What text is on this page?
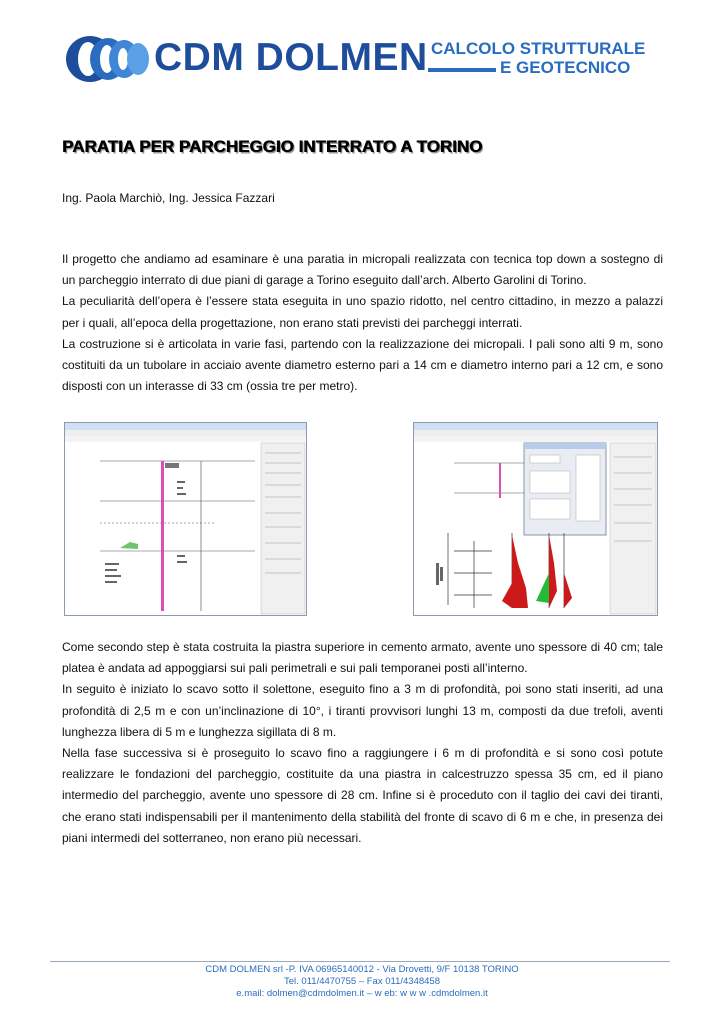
CDM DOLMEN CALCOLO STRUTTURALE
E GEOTECNICO
PARATIA PER PARCHEGGIO INTERRATO A TORINO
Ing. Paola Marchiò, Ing. Jessica Fazzari

Il progetto che andiamo ad esaminare è una paratia in micropali realizzata con tecnica top down a sostegno di un parcheggio interrato di due piani di garage a Torino eseguito dall’arch. Alberto Garolini di Torino.

La peculiarità dell’opera è l’essere stata eseguita in uno spazio ridotto, nel centro cittadino, in mezzo a palazzi per i quali, all’epoca della progettazione, non erano stati previsti dei parcheggi interrati.

La costruzione si è articolata in varie fasi, partendo con la realizzazione dei micropali. I pali sono alti 9 m, sono costituiti da un tubolare in acciaio avente diametro esterno pari a 14 cm e diametro interno pari a 12 cm, e sono disposti con un interasse di 33 cm (ossia tre per metro).

Come secondo step è stata costruita la piastra superiore in cemento armato, avente uno spessore di 40 cm; tale platea è andata ad appoggiarsi sui pali perimetrali e sui pali temporanei posti all’interno.

In seguito è iniziato lo scavo sotto il solettone, eseguito fino a 3 m di profondità, poi sono stati inseriti, ad una profondità di 2,5 m e con un’inclinazione di 10°, i tiranti provvisori lunghi 13 m, composti da due trefoli, aventi lunghezza libera di 5 m e lunghezza sigillata di 8 m.

Nella fase successiva si è proseguito lo scavo fino a raggiungere i 6 m di profondità e si sono così potute realizzare le fondazioni del parcheggio, costituite da una piastra in calcestruzzo spessa 35 cm, ed il piano intermedio del parcheggio, avente uno spessore di 28 cm. Infine si è proceduto con il taglio dei cavi dei tiranti, che erano stati indispensabili per il mantenimento della stabilità del fronte di scavo di 6 m e che, in presenza dei piani intermedi del sotterraneo, non erano più necessari.

CDM DOLMEN srl -P. IVA 06965140012 - Via Drovetti, 9/F 10138 TORINO
Tel. 011/4470755 – Fax 011/4348458
e.mail: dolmen@cdmdolmen.it – w eb: w w w .cdmdolmen.it
